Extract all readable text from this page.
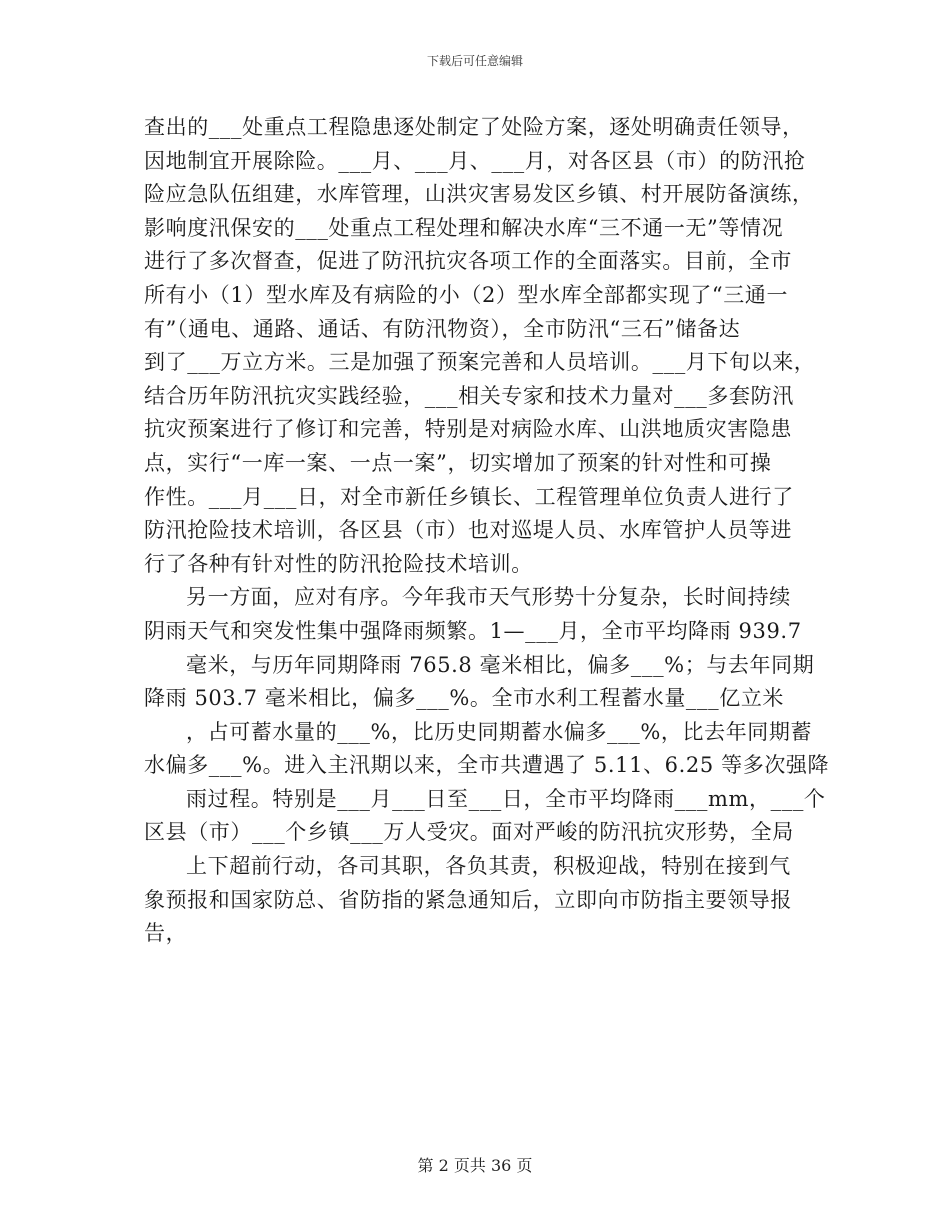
下载后可任意编辑
查出的___处重点工程隐患逐处制定了处险方案，逐处明确责任领导，
因地制宜开展除险。___月、___月、___月，对各区县（市）的防汛抢
险应急队伍组建，水库管理，山洪灾害易发区乡镇、村开展防备演练，
影响度汛保安的___处重点工程处理和解决水库“三不通一无”等情况
进行了多次督查，促进了防汛抗灾各项工作的全面落实。目前，全市
所有小（1）型水库及有病险的小（2）型水库全部都实现了“三通一
有”（通电、通路、通话、有防汛物资），全市防汛“三石”储备达
到了___万立方米。三是加强了预案完善和人员培训。___月下旬以来，
结合历年防汛抗灾实践经验，___相关专家和技术力量对___多套防汛
抗灾预案进行了修订和完善，特别是对病险水库、山洪地质灾害隐患
点，实行“一库一案、一点一案”，切实增加了预案的针对性和可操
作性。___月___日，对全市新任乡镇长、工程管理单位负责人进行了
防汛抢险技术培训，各区县（市）也对巡堤人员、水库管护人员等进
行了各种有针对性的防汛抢险技术培训。
另一方面，应对有序。今年我市天气形势十分复杂，长时间持续
阴雨天气和突发性集中强降雨频繁。1—___月，全市平均降雨 939.7
毫米，与历年同期降雨 765.8 毫米相比，偏多___%；与去年同期
降雨 503.7 毫米相比，偏多___%。全市水利工程蓄水量___亿立米
，占可蓄水量的___%，比历史同期蓄水偏多___%，比去年同期蓄
水偏多___%。进入主汛期以来，全市共遭遇了 5.11、6.25 等多次强降
雨过程。特别是___月___日至___日，全市平均降雨___mm，___个
区县（市）___个乡镇___万人受灾。面对严峻的防汛抗灾形势，全局
上下超前行动，各司其职，各负其责，积极迎战，特别在接到气
象预报和国家防总、省防指的紧急通知后，立即向市防指主要领导报
告，
第 2 页共 36 页
